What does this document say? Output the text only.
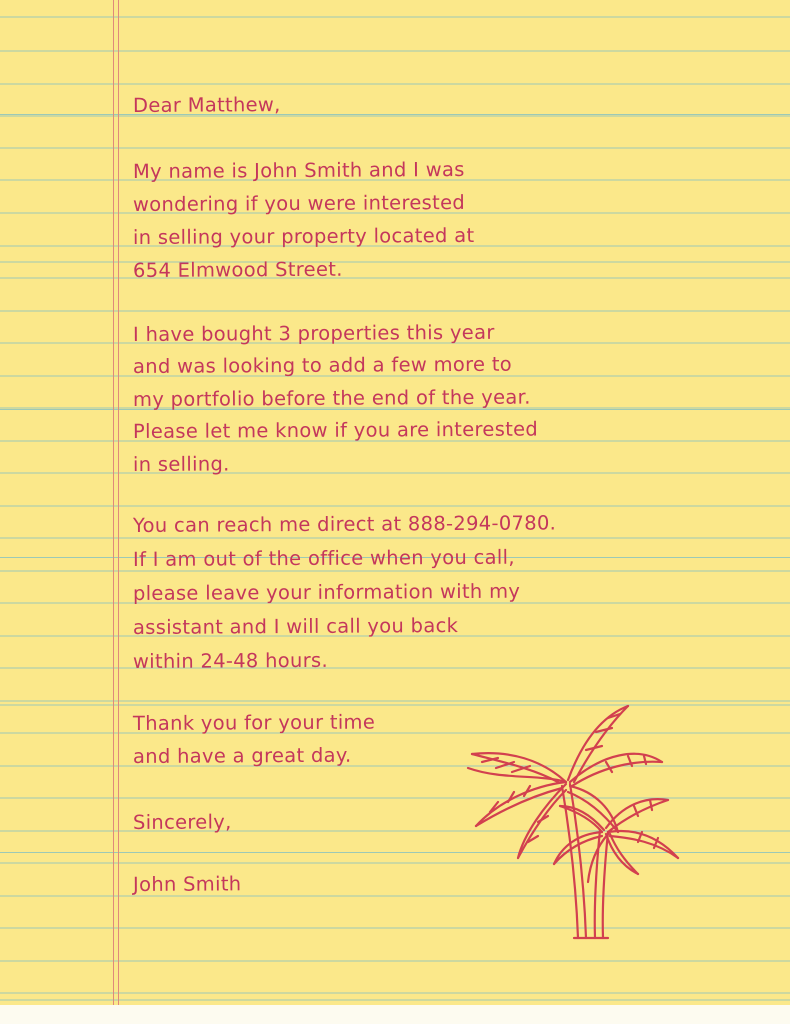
Dear Matthew,

My name is John Smith and I was

wondering if you were interested

in selling your property located at

654 Elmwood Street.

I have bought 3 properties this year

and was looking to add a few more to

my portfolio before the end of the year.

Please let me know if you are interested

in selling.

You can reach me direct at 888-294-0780.

If I am out of the office when you call,

please leave your information with my

assistant and I will call you back

within 24-48 hours.

Thank you for your time

and have a great day.

Sincerely,

John Smith
